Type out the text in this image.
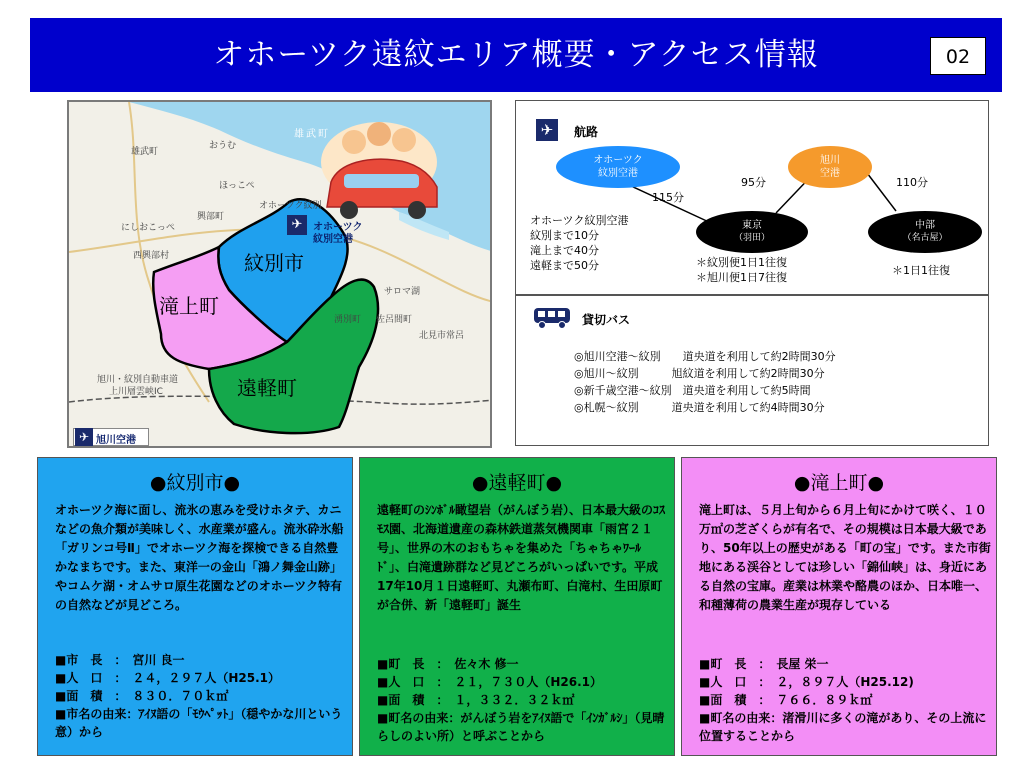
オホーツク遠紋エリア概要・アクセス情報	02
雄武町
雄武町
おうむ
ほっこぺ
オホーツク紋別
興部町
にしおこっぺ
西興部村
湧別町 佐呂間町
サロマ湖
北見市常呂
旭川・紋別自動車道
上川層雲峡IC
紋別市
滝上町
遠軽町
✈	オホーツク
紋別空港
✈ 旭川空港
✈	航路
オホーツク
紋別空港
旭川
空港
東京
（羽田）
中部
（名古屋）
115分
95分	110分
オホーツク紋別空港
紋別まで10分
滝上まで40分
遠軽まで50分	＊紋別便1日1往復
＊旭川便1日7往復
＊1日1往復
貸切バス
◎旭川空港～紋別　　道央道を利用して約2時間30分
◎旭川～紋別　　　旭紋道を利用して約2時間30分
◎新千歳空港～紋別　道央道を利用して約5時間
◎札幌～紋別　　　道央道を利用して約4時間30分
●紋別市●
オホーツク海に面し、流氷の恵みを受けホタテ、カニなどの魚介類が美味しく、水産業が盛ん。流氷砕氷船「ガリンコ号Ⅱ」でオホーツク海を探検できる自然豊かなまちです。また、東洋一の金山「鴻ノ舞金山跡」やコムケ湖・オムサロ原生花園などのオホーツク特有の自然などが見どころ。
■市　長　：　宮川 良一
■人　口　：　２４，２９７人（H25.1）
■面　積　：　８３０．７０ｋ㎡
■市名の由来：ｱｲﾇ語の「ﾓｳﾍﾟｯﾄ」（穏やかな川という意）から
●遠軽町●
遠軽町のｼﾝﾎﾞﾙ瞰望岩（がんぼう岩）、日本最大級のｺｽﾓｽ園、北海道遺産の森林鉄道蒸気機関車「雨宮２１号」、世界の木のおもちゃを集めた「ちゃちゃﾜｰﾙﾄﾞ」、白滝遺跡群など見どころがいっぱいです。平成17年10月１日遠軽町、丸瀬布町、白滝村、生田原町が合併、新「遠軽町」誕生
■町　長　：　佐々木 修一
■人　口　：　２１，７３０人（H26.1）
■面　積　：　１，３３２．３２ｋ㎡
■町名の由来：がんぼう岩をｱｲﾇ語で「ｲﾝｶﾞﾙｼ」（見晴らしのよい所）と呼ぶことから
●滝上町●
滝上町は、５月上旬から６月上旬にかけて咲く、１０万㎡の芝ざくらが有名で、その規模は日本最大級であり、50年以上の歴史がある「町の宝」です。また市街地にある渓谷としては珍しい「錦仙峡」は、身近にある自然の宝庫。産業は林業や酪農のほか、日本唯一、和種薄荷の農業生産が現存している
■町　長　：　長屋 栄一
■人　口　：　２，８９７人（H25.12)
■面　積　：　７６６．８９ｋ㎡
■町名の由来：渚滑川に多くの滝があり、その上流に位置することから
